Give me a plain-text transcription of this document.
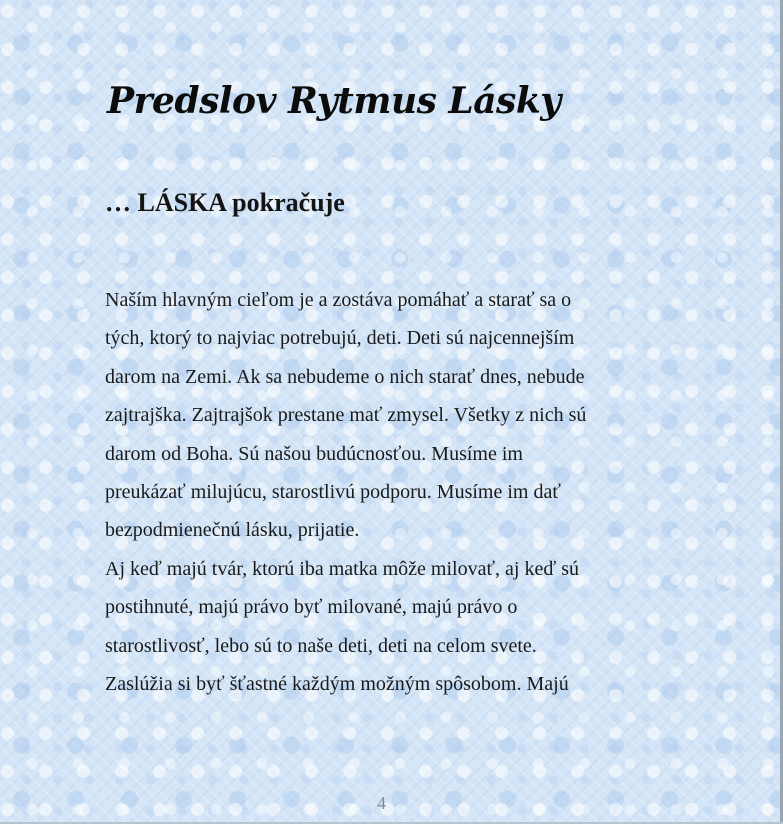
Predslov Rytmus Lásky
… LÁSKA pokračuje
Naším hlavným cieľom je a zostáva pomáhať a starať sa o
tých, ktorý to najviac potrebujú, deti. Deti sú najcennejším
darom na Zemi. Ak sa nebudeme o nich starať dnes, nebude
zajtrajška. Zajtrajšok prestane mať zmysel. Všetky z nich sú
darom od Boha. Sú našou budúcnosťou. Musíme im
preukázať milujúcu, starostlivú podporu. Musíme im dať
bezpodmienečnú lásku, prijatie.
Aj keď majú tvár, ktorú iba matka môže milovať, aj keď sú
postihnuté, majú právo byť milované, majú právo o
starostlivosť, lebo sú to naše deti, deti na celom svete.
Zaslúžia si byť šťastné každým možným spôsobom. Majú
4
